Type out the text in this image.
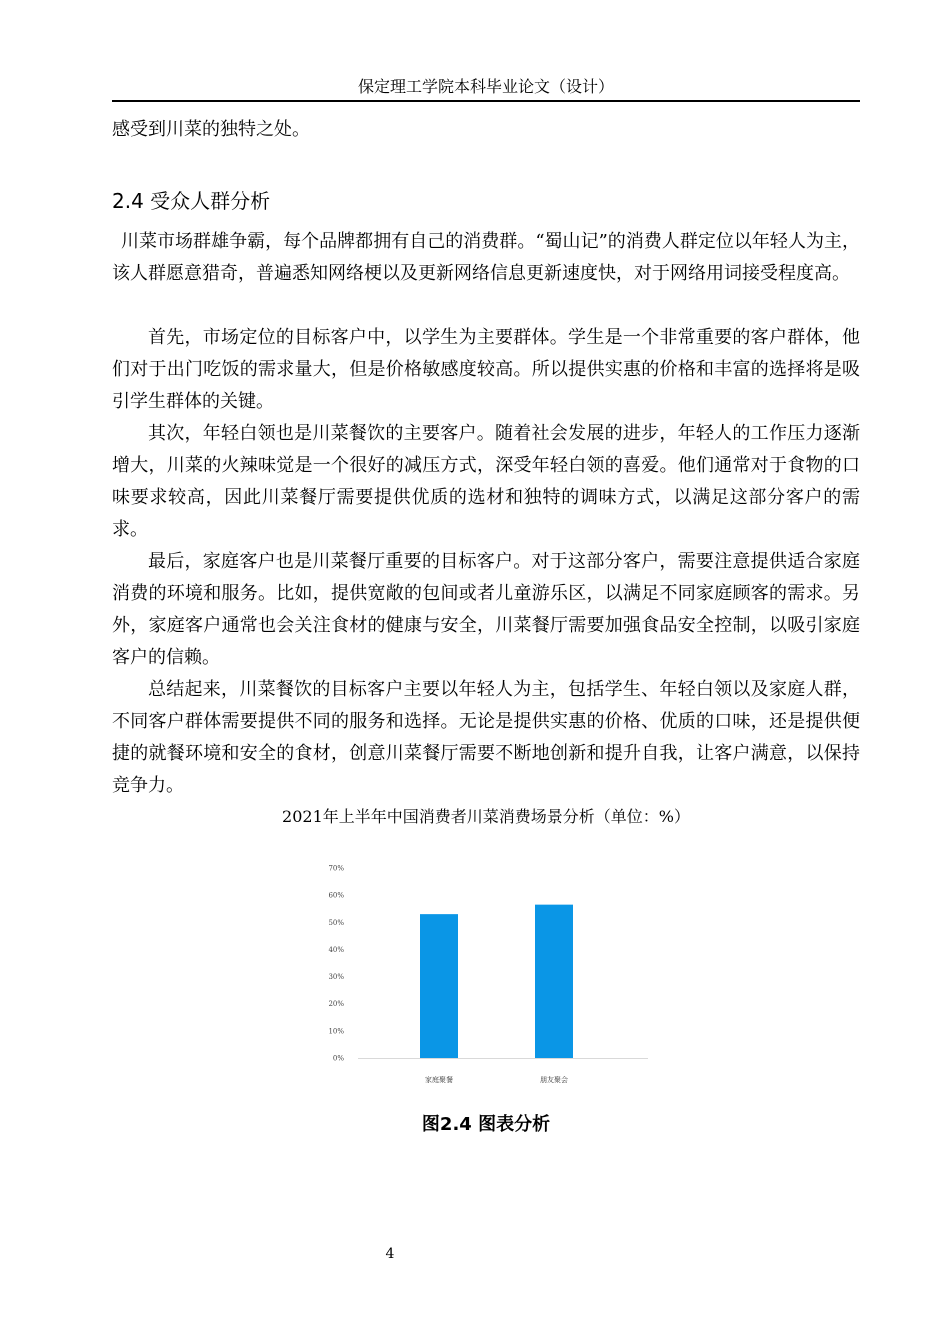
保定理工学院本科毕业论文（设计）

感受到川菜的独特之处。

2.4 受众人群分析

川菜市场群雄争霸，每个品牌都拥有自己的消费群。“蜀山记”的消费人群定位以年轻人为主，该人群愿意猎奇，普遍悉知网络梗以及更新网络信息更新速度快，对于网络用词接受程度高。

首先，市场定位的目标客户中，以学生为主要群体。学生是一个非常重要的客户群体，他们对于出门吃饭的需求量大，但是价格敏感度较高。所以提供实惠的价格和丰富的选择将是吸引学生群体的关键。

其次，年轻白领也是川菜餐饮的主要客户。随着社会发展的进步，年轻人的工作压力逐渐增大，川菜的火辣味觉是一个很好的减压方式，深受年轻白领的喜爱。他们通常对于食物的口味要求较高，因此川菜餐厅需要提供优质的选材和独特的调味方式，以满足这部分客户的需求。

最后，家庭客户也是川菜餐厅重要的目标客户。对于这部分客户，需要注意提供适合家庭消费的环境和服务。比如，提供宽敞的包间或者儿童游乐区，以满足不同家庭顾客的需求。另外，家庭客户通常也会关注食材的健康与安全，川菜餐厅需要加强食品安全控制，以吸引家庭客户的信赖。

总结起来，川菜餐饮的目标客户主要以年轻人为主，包括学生、年轻白领以及家庭人群，不同客户群体需要提供不同的服务和选择。无论是提供实惠的价格、优质的口味，还是提供便捷的就餐环境和安全的食材，创意川菜餐厅需要不断地创新和提升自我，让客户满意，以保持竞争力。

2021年上半年中国消费者川菜消费场景分析（单位：%）
0%
10%
20%
30%
40%
50%
60%
70%
家庭聚餐	朋友聚会
图2.4 图表分析
4
